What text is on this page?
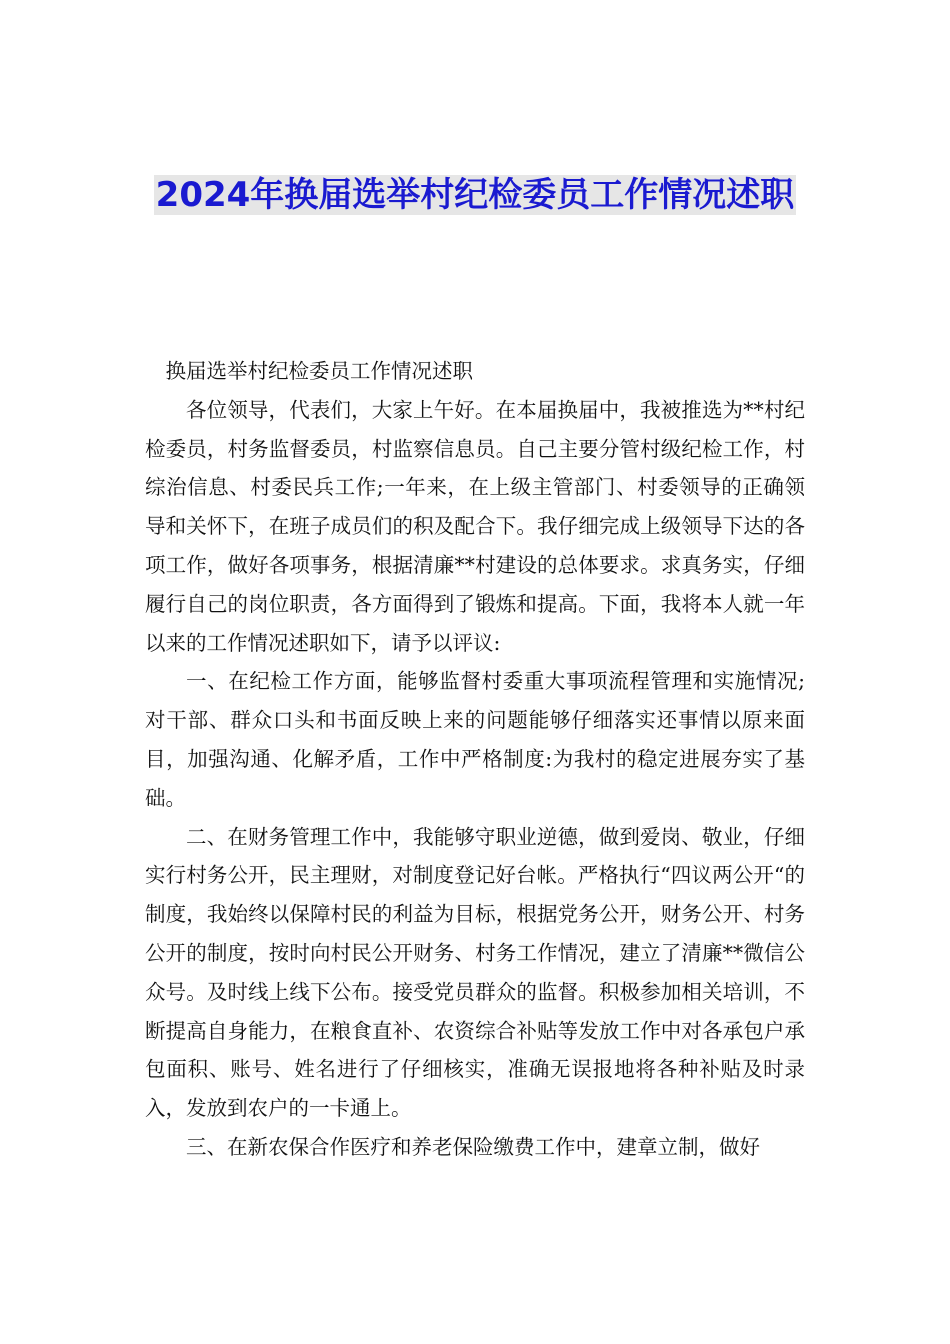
2024年换届选举村纪检委员工作情况述职

换届选举村纪检委员工作情况述职

各位领导，代表们，大家上午好。在本届换届中，我被推选为**村纪检委员，村务监督委员，村监察信息员。自己主要分管村级纪检工作，村综治信息、村委民兵工作;一年来，在上级主管部门、村委领导的正确领导和关怀下，在班子成员们的积及配合下。我仔细完成上级领导下达的各项工作，做好各项事务，根据清廉**村建设的总体要求。求真务实，仔细履行自己的岗位职责，各方面得到了锻炼和提高。下面，我将本人就一年以来的工作情况述职如下，请予以评议:

一、在纪检工作方面，能够监督村委重大事项流程管理和实施情况;对干部、群众口头和书面反映上来的问题能够仔细落实还事情以原来面目，加强沟通、化解矛盾，工作中严格制度:为我村的稳定进展夯实了基础。

二、在财务管理工作中，我能够守职业逆德，做到爱岗、敬业，仔细实行村务公开，民主理财，对制度登记好台帐。严格执行“四议两公开“的制度，我始终以保障村民的利益为目标，根据党务公开，财务公开、村务公开的制度，按时向村民公开财务、村务工作情况，建立了清廉**微信公众号。及时线上线下公布。接受党员群众的监督。积极参加相关培训，不断提高自身能力，在粮食直补、农资综合补贴等发放工作中对各承包户承包面积、账号、姓名进行了仔细核实，准确无误报地将各种补贴及时录入，发放到农户的一卡通上。

三、在新农保合作医疗和养老保险缴费工作中，建章立制，做好
